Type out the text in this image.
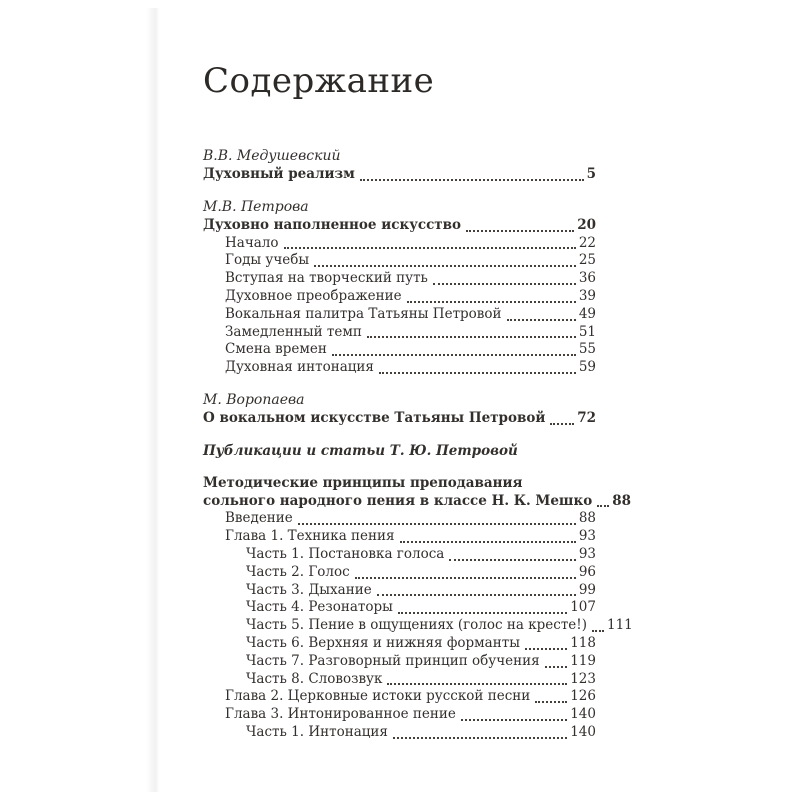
Содержание
В.В. Медушевский
Духовный реализм	5
М.В. Петрова
Духовно наполненное искусство	20
Начало	22
Годы учебы	25
Вступая на творческий путь	36
Духовное преображение	39
Вокальная палитра Татьяны Петровой	49
Замедленный темп	51
Смена времен	55
Духовная интонация	59
М. Воропаева
О вокальном искусстве Татьяны Петровой 72
Публикации и статьи Т. Ю. Петровой
Методические принципы преподавания
сольного народного пения в классе Н. К. Мешко 88
Введение	88
Глава 1. Техника пения	93
Часть 1. Постановка голоса	93
Часть 2. Голос	96
Часть 3. Дыхание	99
Часть 4. Резонаторы	107
Часть 5. Пение в ощущениях (голос на кресте!) 111
Часть 6. Верхняя и нижняя форманты	118
Часть 7. Разговорный принцип обучения 119
Часть 8. Словозвук	123
Глава 2. Церковные истоки русской песни	126
Глава 3. Интонированное пение	140
Часть 1. Интонация	140
